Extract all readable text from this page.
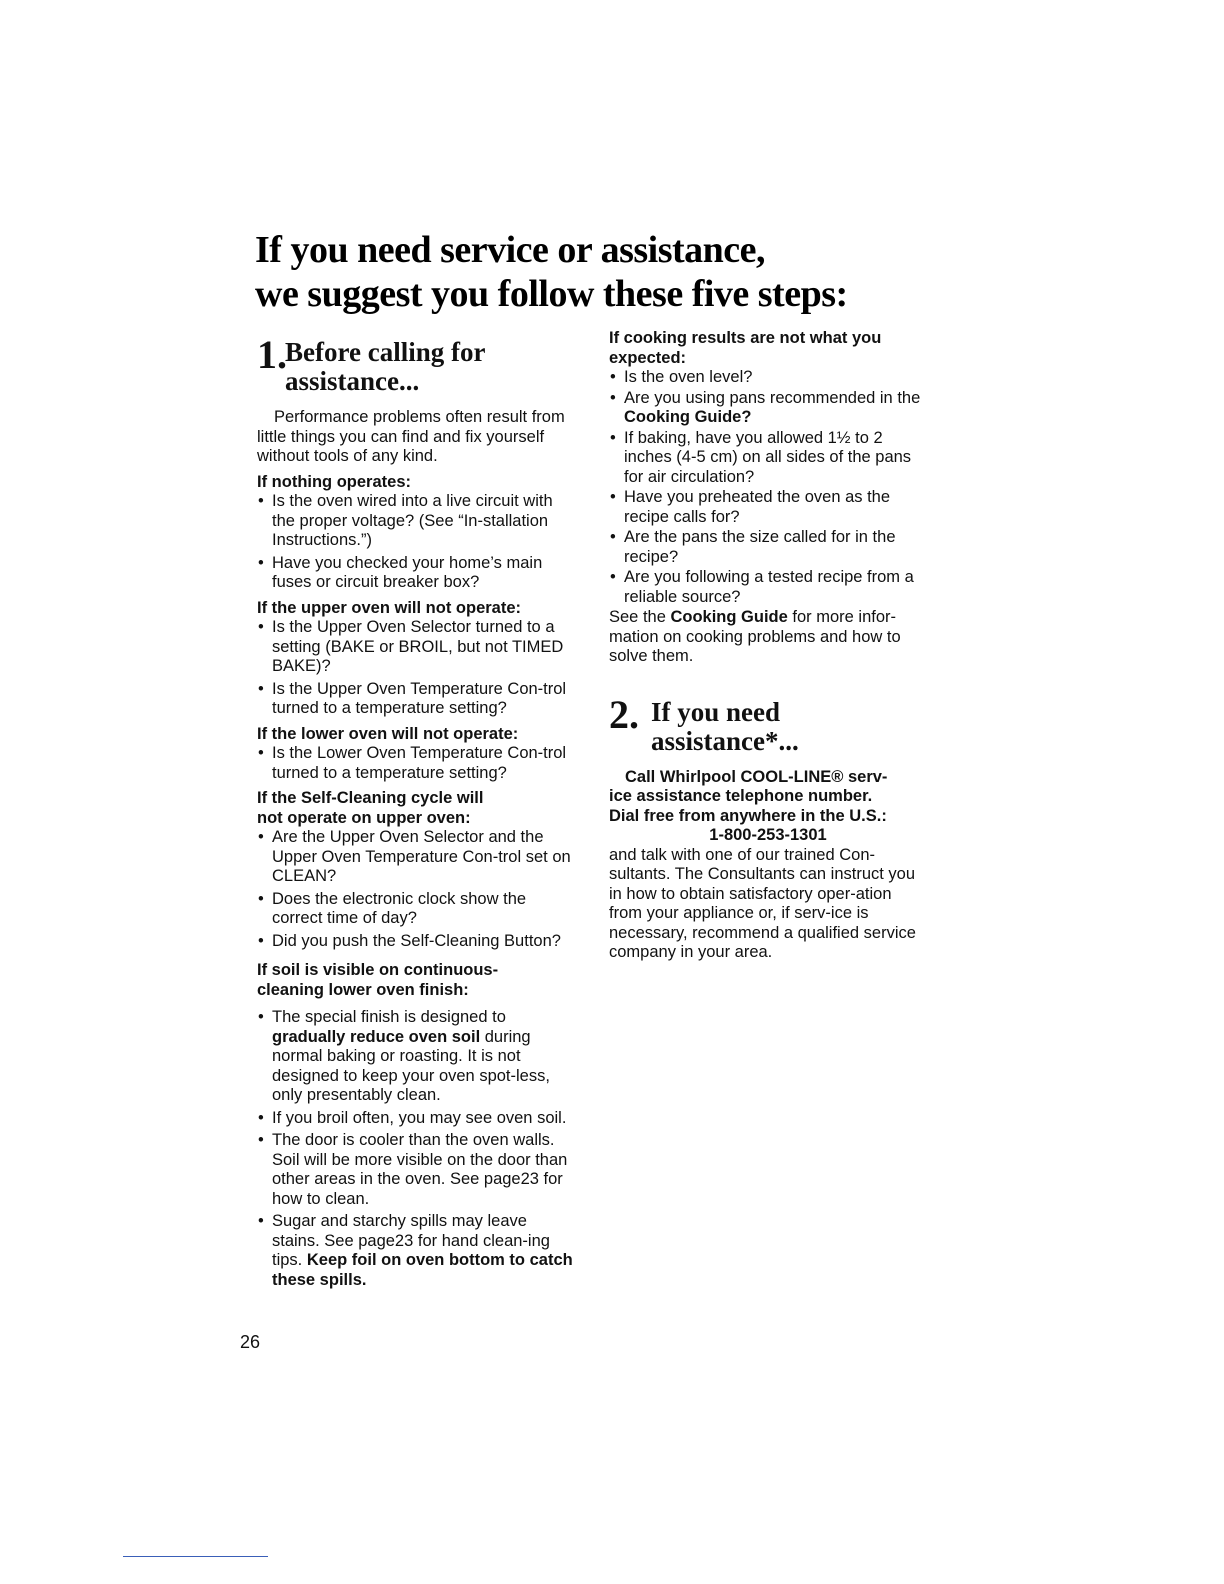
If you need service or assistance,
we suggest you follow these five steps:
1.
Before calling for
assistance...

Performance problems often result from little things you can find and fix yourself without tools of any kind.

If nothing operates:
• Is the oven wired into a live circuit with the proper voltage? (See “In-stallation Instructions.”)
• Have you checked your home’s main fuses or circuit breaker box?
If the upper oven will not operate:
• Is the Upper Oven Selector turned to a setting (BAKE or BROIL, but not TIMED BAKE)?
• Is the Upper Oven Temperature Con-trol turned to a temperature setting?
If the lower oven will not operate:
• Is the Lower Oven Temperature Con-trol turned to a temperature setting?
If the Self-Cleaning cycle will
not operate on upper oven:
• Are the Upper Oven Selector and the Upper Oven Temperature Con-trol set on CLEAN?
• Does the electronic clock show the correct time of day?
• Did you push the Self-Cleaning Button?
If soil is visible on continuous-
cleaning lower oven finish:
• The special finish is designed to gradually reduce oven soil during normal baking or roasting. It is not designed to keep your oven spot-less, only presentably clean.
• If you broil often, you may see oven soil.
• The door is cooler than the oven walls. Soil will be more visible on the door than other areas in the oven. See page23 for how to clean.
• Sugar and starchy spills may leave stains. See page23 for hand clean-ing tips. Keep foil on oven bottom to catch these spills.
If cooking results are not what you
expected:
• Is the oven level?
• Are you using pans recommended in the Cooking Guide?
• If baking, have you allowed 1½ to 2 inches (4-5 cm) on all sides of the pans for air circulation?
• Have you preheated the oven as the recipe calls for?
• Are the pans the size called for in the recipe?
• Are you following a tested recipe from a reliable source?

See the Cooking Guide for more infor-mation on cooking problems and how to solve them.

2. If you need
assistance*...
Call Whirlpool COOL-LINE® serv-
ice assistance telephone number.
Dial free from anywhere in the U.S.:
1-800-253-1301

and talk with one of our trained Con-sultants. The Consultants can instruct you in how to obtain satisfactory oper-ation from your appliance or, if serv-ice is necessary, recommend a qualified service company in your area.

26
